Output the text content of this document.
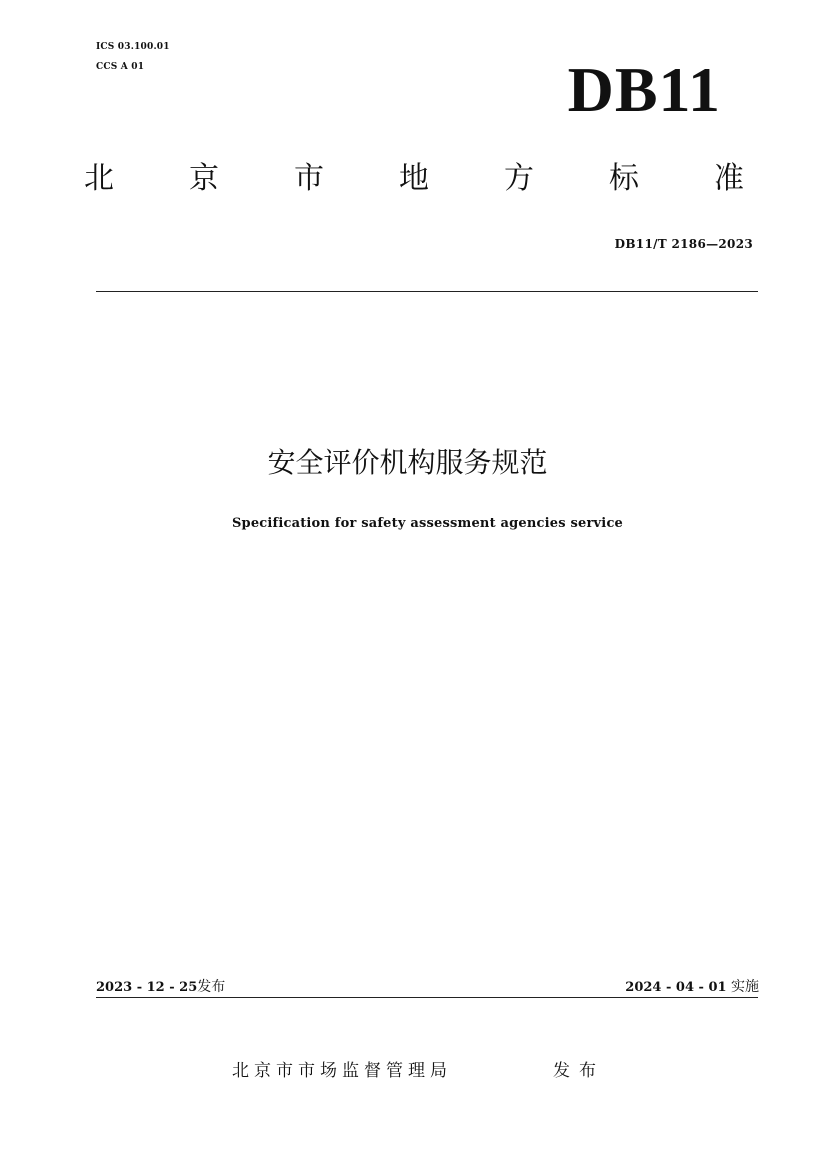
ICS 03.100.01
CCS A 01	DB11
北	京	市	地	方	标	准
DB11/T 2186—2023
安全评价机构服务规范
Specification for safety assessment agencies service
2023 - 12 - 25发布	2024 - 04 - 01 实施
北京市市场监督管理局	发布
